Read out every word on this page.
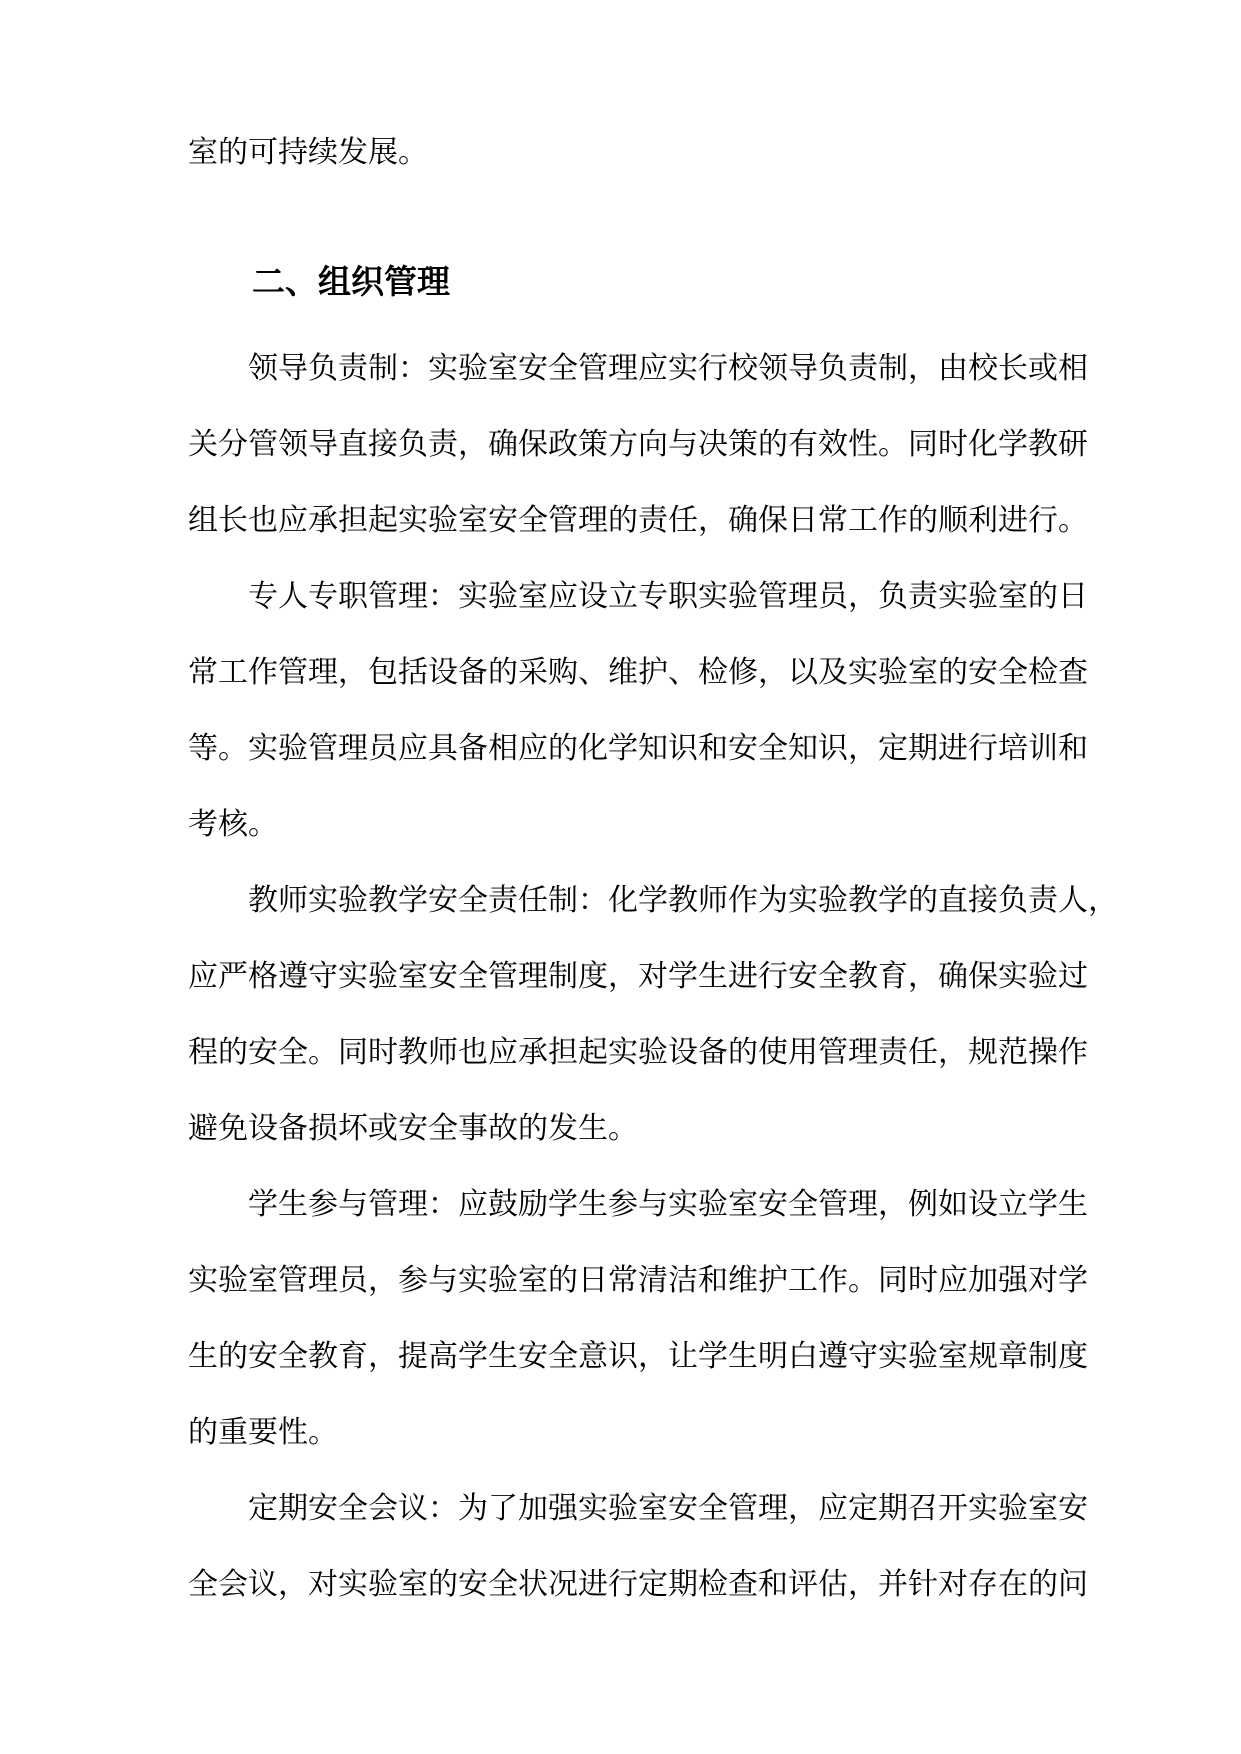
室的可持续发展。
二、组织管理
领导负责制：实验室安全管理应实行校领导负责制，由校长或相
关分管领导直接负责，确保政策方向与决策的有效性。同时化学教研
组长也应承担起实验室安全管理的责任，确保日常工作的顺利进行。
专人专职管理：实验室应设立专职实验管理员，负责实验室的日
常工作管理，包括设备的采购、维护、检修，以及实验室的安全检查
等。实验管理员应具备相应的化学知识和安全知识，定期进行培训和
考核。
教师实验教学安全责任制：化学教师作为实验教学的直接负责人，
应严格遵守实验室安全管理制度，对学生进行安全教育，确保实验过
程的安全。同时教师也应承担起实验设备的使用管理责任，规范操作
避免设备损坏或安全事故的发生。
学生参与管理：应鼓励学生参与实验室安全管理，例如设立学生
实验室管理员，参与实验室的日常清洁和维护工作。同时应加强对学
生的安全教育，提高学生安全意识，让学生明白遵守实验室规章制度
的重要性。
定期安全会议：为了加强实验室安全管理，应定期召开实验室安
全会议，对实验室的安全状况进行定期检查和评估，并针对存在的问
